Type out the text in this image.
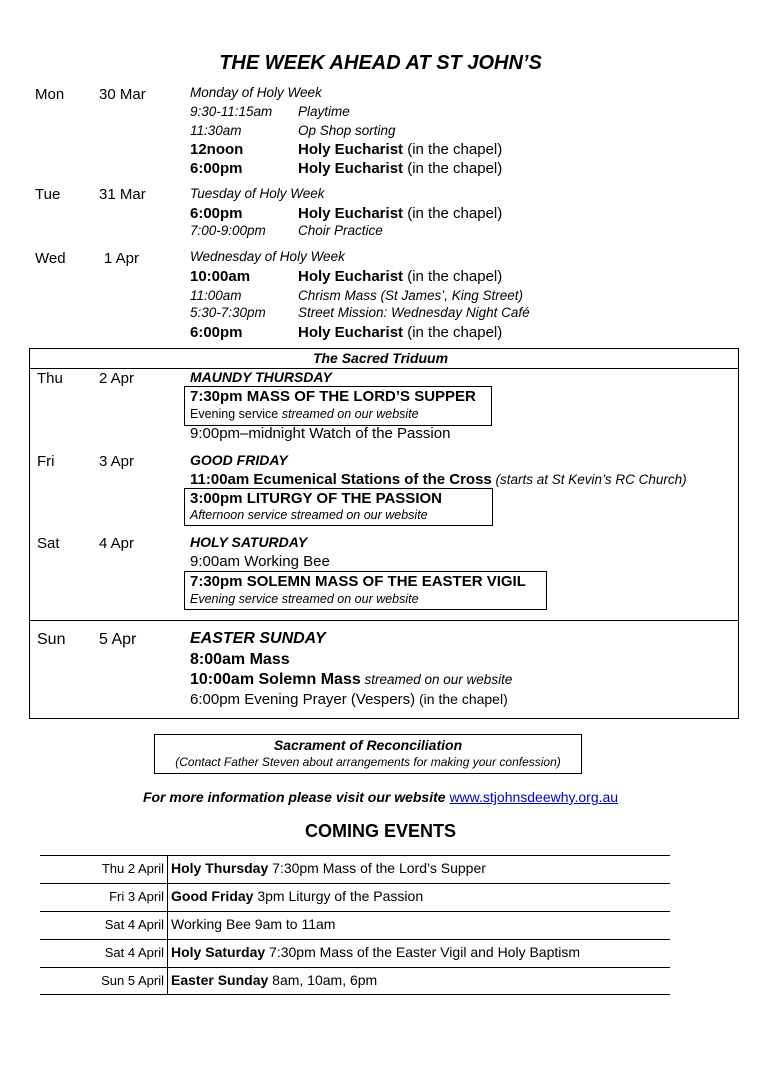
THE WEEK AHEAD AT ST JOHN’S
Mon 30 Mar	Monday of Holy Week
9:30-11:15am Playtime
11:30am	Op Shop sorting
12noon	Holy Eucharist (in the chapel)
6:00pm	Holy Eucharist (in the chapel)
Tue	31 Mar	Tuesday of Holy Week
6:00pm	Holy Eucharist (in the chapel)
7:00-9:00pm Choir Practice
Wed	1 Apr	Wednesday of Holy Week
10:00am	Holy Eucharist (in the chapel)
11:00am	Chrism Mass (St James’, King Street)
5:30-7:30pm Street Mission: Wednesday Night Café
6:00pm	Holy Eucharist (in the chapel)
The Sacred Triduum
Thu 2 Apr	MAUNDY THURSDAY
7:30pm MASS OF THE LORD’S SUPPER
Evening service streamed on our website
9:00pm–midnight Watch of the Passion
Fri	3 Apr	GOOD FRIDAY
11:00am Ecumenical Stations of the Cross (starts at St Kevin’s RC Church)
3:00pm LITURGY OF THE PASSION
Afternoon service streamed on our website
Sat	4 Apr	HOLY SATURDAY
9:00am Working Bee
7:30pm SOLEMN MASS OF THE EASTER VIGIL
Evening service streamed on our website
Sun 5 Apr	EASTER SUNDAY
8:00am Mass
10:00am Solemn Mass streamed on our website
6:00pm Evening Prayer (Vespers) (in the chapel)
Sacrament of Reconciliation
(Contact Father Steven about arrangements for making your confession)
For more information please visit our website www.stjohnsdeewhy.org.au
COMING EVENTS
Thu 2 April Holy Thursday 7:30pm Mass of the Lord’s Supper
Fri 3 April Good Friday 3pm Liturgy of the Passion
Sat 4 April Working Bee 9am to 11am
Sat 4 April Holy Saturday 7:30pm Mass of the Easter Vigil and Holy Baptism
Sun 5 April Easter Sunday 8am, 10am, 6pm
